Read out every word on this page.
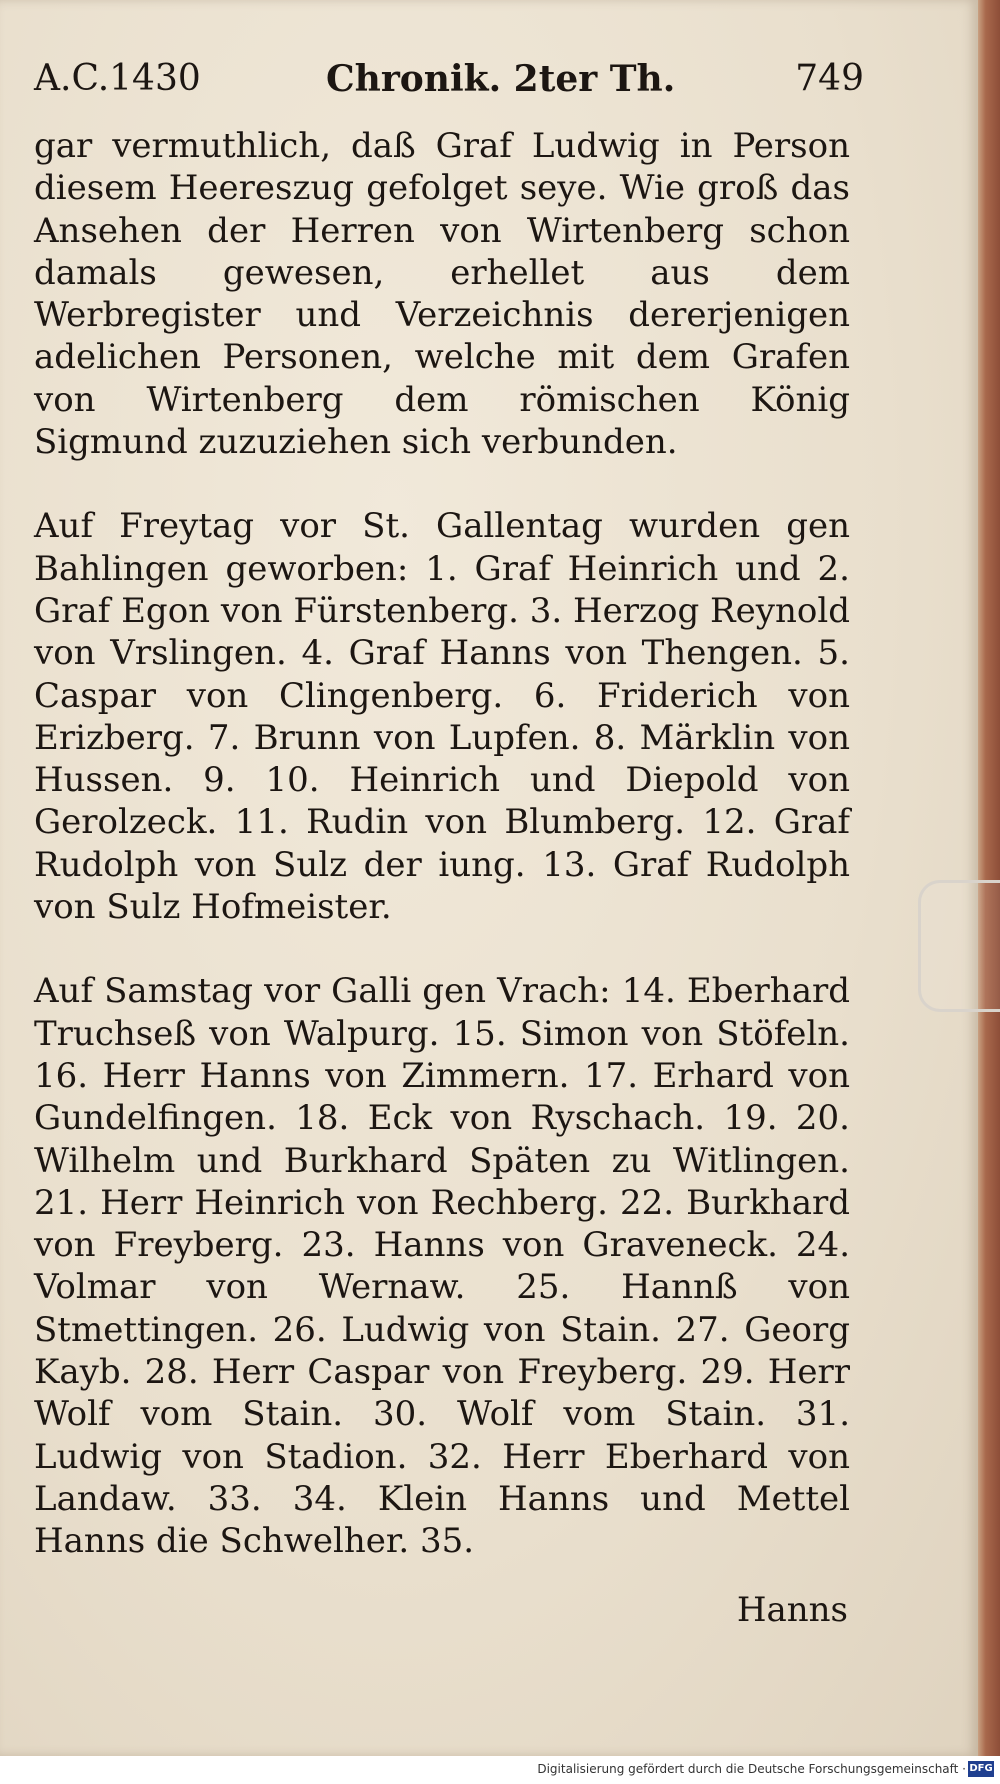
A.C.1430	Chronik. 2ter Th.	749

gar vermuthlich, daß Graf Ludwig in Person diesem Heereszug gefolget seye. Wie groß das Ansehen der Herren von Wirtenberg schon damals gewesen, erhellet aus dem Werbregister und Verzeichnis dererjenigen adelichen Personen, welche mit dem Grafen von Wirtenberg dem römischen König Sigmund zuzuziehen sich verbunden.

Auf Freytag vor St. Gallentag wurden gen Bahlingen geworben: 1. Graf Heinrich und 2. Graf Egon von Fürstenberg. 3. Herzog Reynold von Vrslingen. 4. Graf Hanns von Thengen. 5. Caspar von Clingenberg. 6. Friderich von Erizberg. 7. Brunn von Lupfen. 8. Märklin von Hussen. 9. 10. Heinrich und Diepold von Gerolzeck. 11. Rudin von Blumberg. 12. Graf Rudolph von Sulz der iung. 13. Graf Rudolph von Sulz Hofmeister.

Auf Samstag vor Galli gen Vrach: 14. Eberhard Truchseß von Walpurg. 15. Simon von Stöfeln. 16. Herr Hanns von Zimmern. 17. Erhard von Gundelfingen. 18. Eck von Ryschach. 19. 20. Wilhelm und Burkhard Späten zu Witlingen. 21. Herr Heinrich von Rechberg. 22. Burkhard von Freyberg. 23. Hanns von Graveneck. 24. Volmar von Wernaw. 25. Hannß von Stmettingen. 26. Ludwig von Stain. 27. Georg Kayb. 28. Herr Caspar von Freyberg. 29. Herr Wolf vom Stain. 30. Wolf vom Stain. 31. Ludwig von Stadion. 32. Herr Eberhard von Landaw. 33. 34. Klein Hanns und Mettel Hanns die Schwelher. 35.

Hanns
Digitalisierung gefördert durch die Deutsche Forschungsgemeinschaft · DFG
